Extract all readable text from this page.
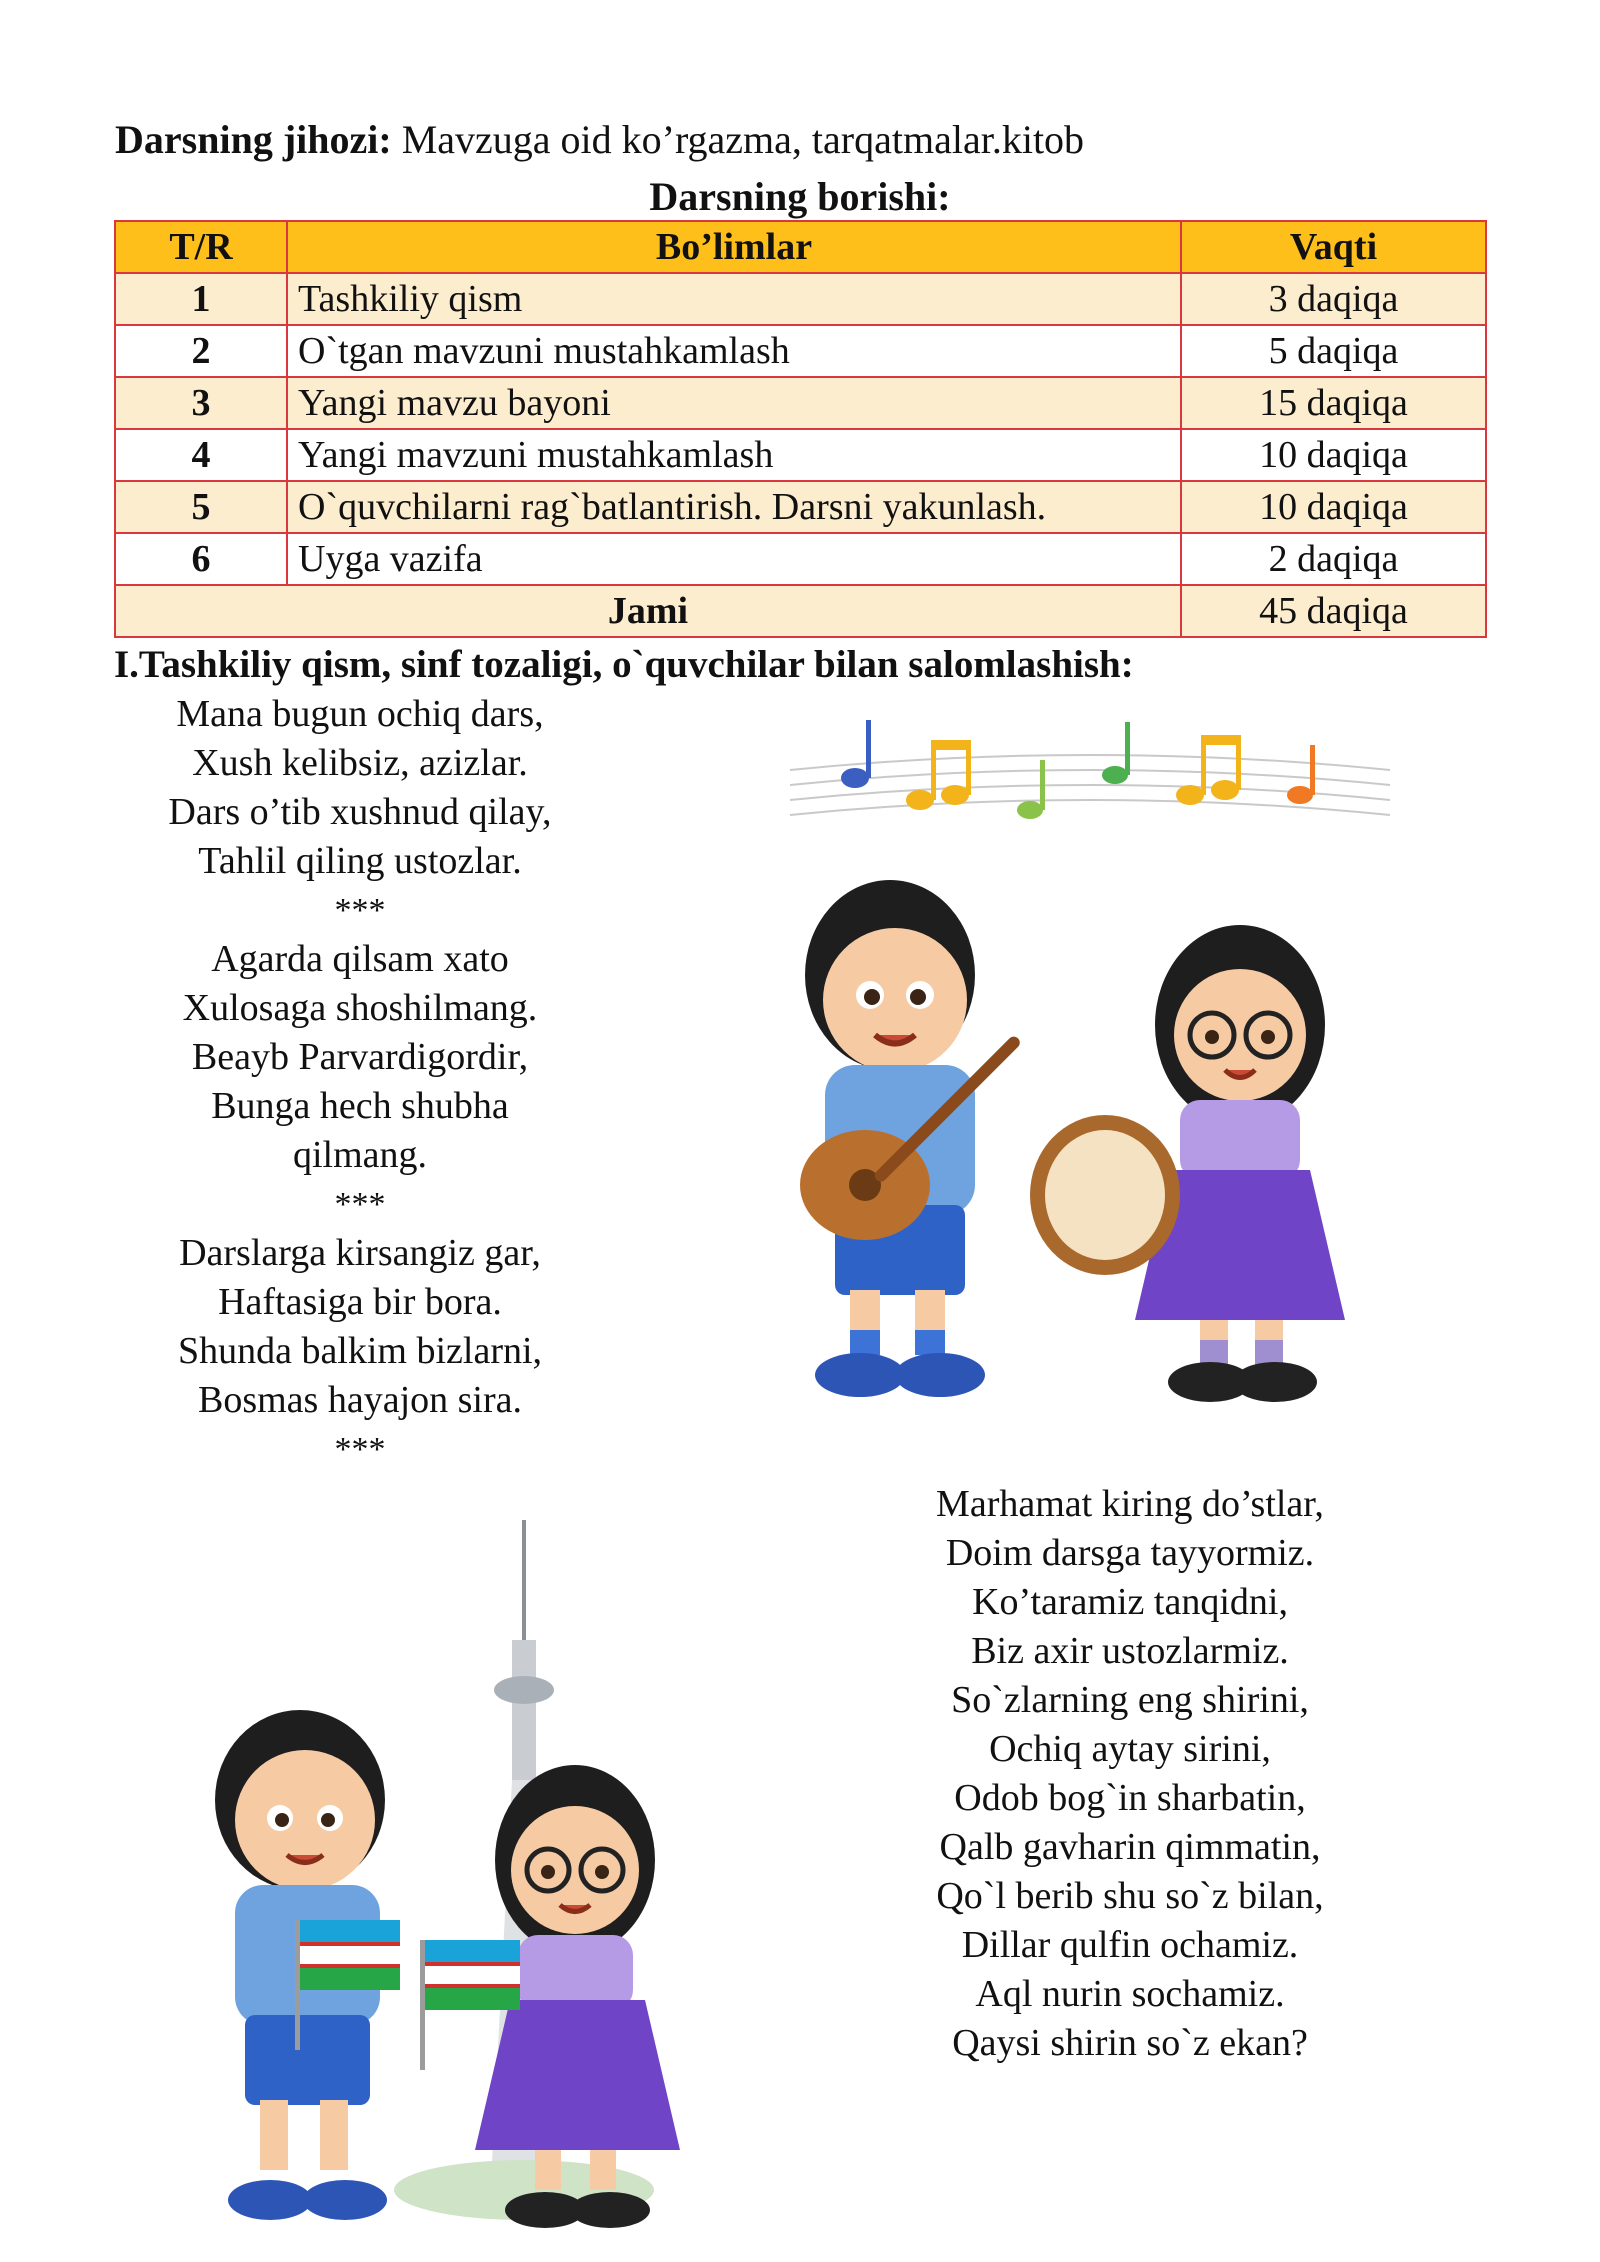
Darsning jihozi: Mavzuga oid ko’rgazma, tarqatmalar.kitob
Darsning borishi:
T/R	Bo’limlar	Vaqti
1	Tashkiliy qism	3 daqiqa
2	O`tgan mavzuni mustahkamlash	5 daqiqa
3	Yangi mavzu bayoni	15 daqiqa
4	Yangi mavzuni mustahkamlash	10 daqiqa
5	O`quvchilarni rag`batlantirish. Darsni yakunlash.	10 daqiqa
6	Uyga vazifa	2 daqiqa
Jami		45 daqiqa
I.Tashkiliy qism, sinf tozaligi, o`quvchilar bilan salomlashish:
Mana bugun ochiq dars,
Xush kelibsiz, azizlar.
Dars o’tib xushnud qilay,
Tahlil qiling ustozlar.
***
Agarda qilsam xato
Xulosaga shoshilmang.
Beayb Parvardigordir,
Bunga hech shubha
qilmang.
***
Darslarga kirsangiz gar,
Haftasiga bir bora.
Shunda balkim bizlarni,
Bosmas hayajon sira.
***
Marhamat kiring do’stlar,
Doim darsga tayyormiz.
Ko’taramiz tanqidni,
Biz axir ustozlarmiz.
So`zlarning eng shirini,
Ochiq aytay sirini,
Odob bog`in sharbatin,
Qalb gavharin qimmatin,
Qo`l berib shu so`z bilan,
Dillar qulfin ochamiz.
Aql nurin sochamiz.
Qaysi shirin so`z ekan?
